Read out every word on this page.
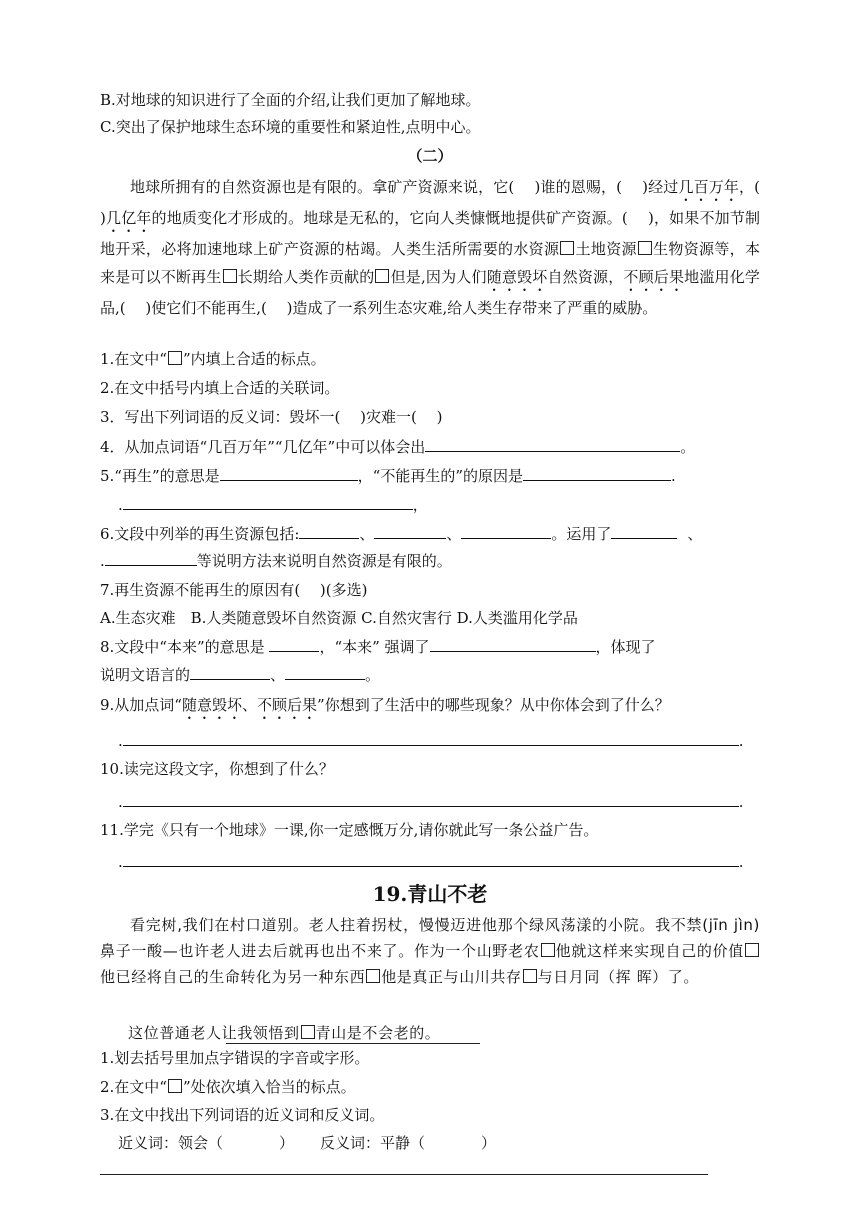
B.对地球的知识进行了全面的介绍,让我们更加了解地球。
C.突出了保护地球生态环境的重要性和紧迫性,点明中心。
（二）
地球所拥有的自然资源也是有限的。拿矿产资源来说，它(　 )谁的恩赐，(　 )经过几百万年，(　 )几亿年的地质变化才形成的。地球是无私的，它向人类慷慨地提供矿产资源。(　 )，如果不加节制地开采，必将加速地球上矿产资源的枯竭。人类生活所需要的水资源 土地资源 生物资源等，本来是可以不断再生 长期给人类作贡献的 但是,因为人们随意毁坏自然资源，不顾后果地滥用化学品,(　 )使它们不能再生,(　 )造成了一系列生态灾难,给人类生存带来了严重的威胁。
1.在文中“ ”内填上合适的标点。
2.在文中括号内填上合适的关联词。
3．写出下列词语的反义词：毁坏一(　 )灾难一(　 )
4．从加点词语“几百万年”“几亿年”中可以体会出	。
5.“再生”的意思是	，“不能再生的”的原因是	.
.	，
6.文段中列举的再生资源包括:	、	、	。运用了	、
.	等说明方法来说明自然资源是有限的。
7.再生资源不能再生的原因有(　 )(多选)
A.生态灾难　B.人类随意毁坏自然资源 C.自然灾害行 D.人类滥用化学品
8.文段中“本来”的意思是	，“本来” 强调了	，体现了
说明文语言的	、	。
9.从加点词“随意毁坏、不顾后果”你想到了生活中的哪些现象？从中你体会到了什么？
.	.
10.读完这段文字，你想到了什么？
.	.
11.学完《只有一个地球》一课,你一定感慨万分,请你就此写一条公益广告。
.	.
19.青山不老
看完树,我们在村口道别。老人拄着拐杖，慢慢迈进他那个绿风荡漾的小院。我不禁(jīn jìn)鼻子一酸—也许老人进去后就再也出不来了。作为一个山野老农 他就这样来实现自己的价值他已经将自己的生命转化为另一种东西 他是真正与山川共存 与日月同（挥 晖）了。
这位普通老人让我领悟到 青山是不会老的。
1.划去括号里加点字错误的字音或字形。
2.在文中“ ”处依次填入恰当的标点。
3.在文中找出下列词语的近义词和反义词。
近义词：领会（	） 反义词：平静（	）
